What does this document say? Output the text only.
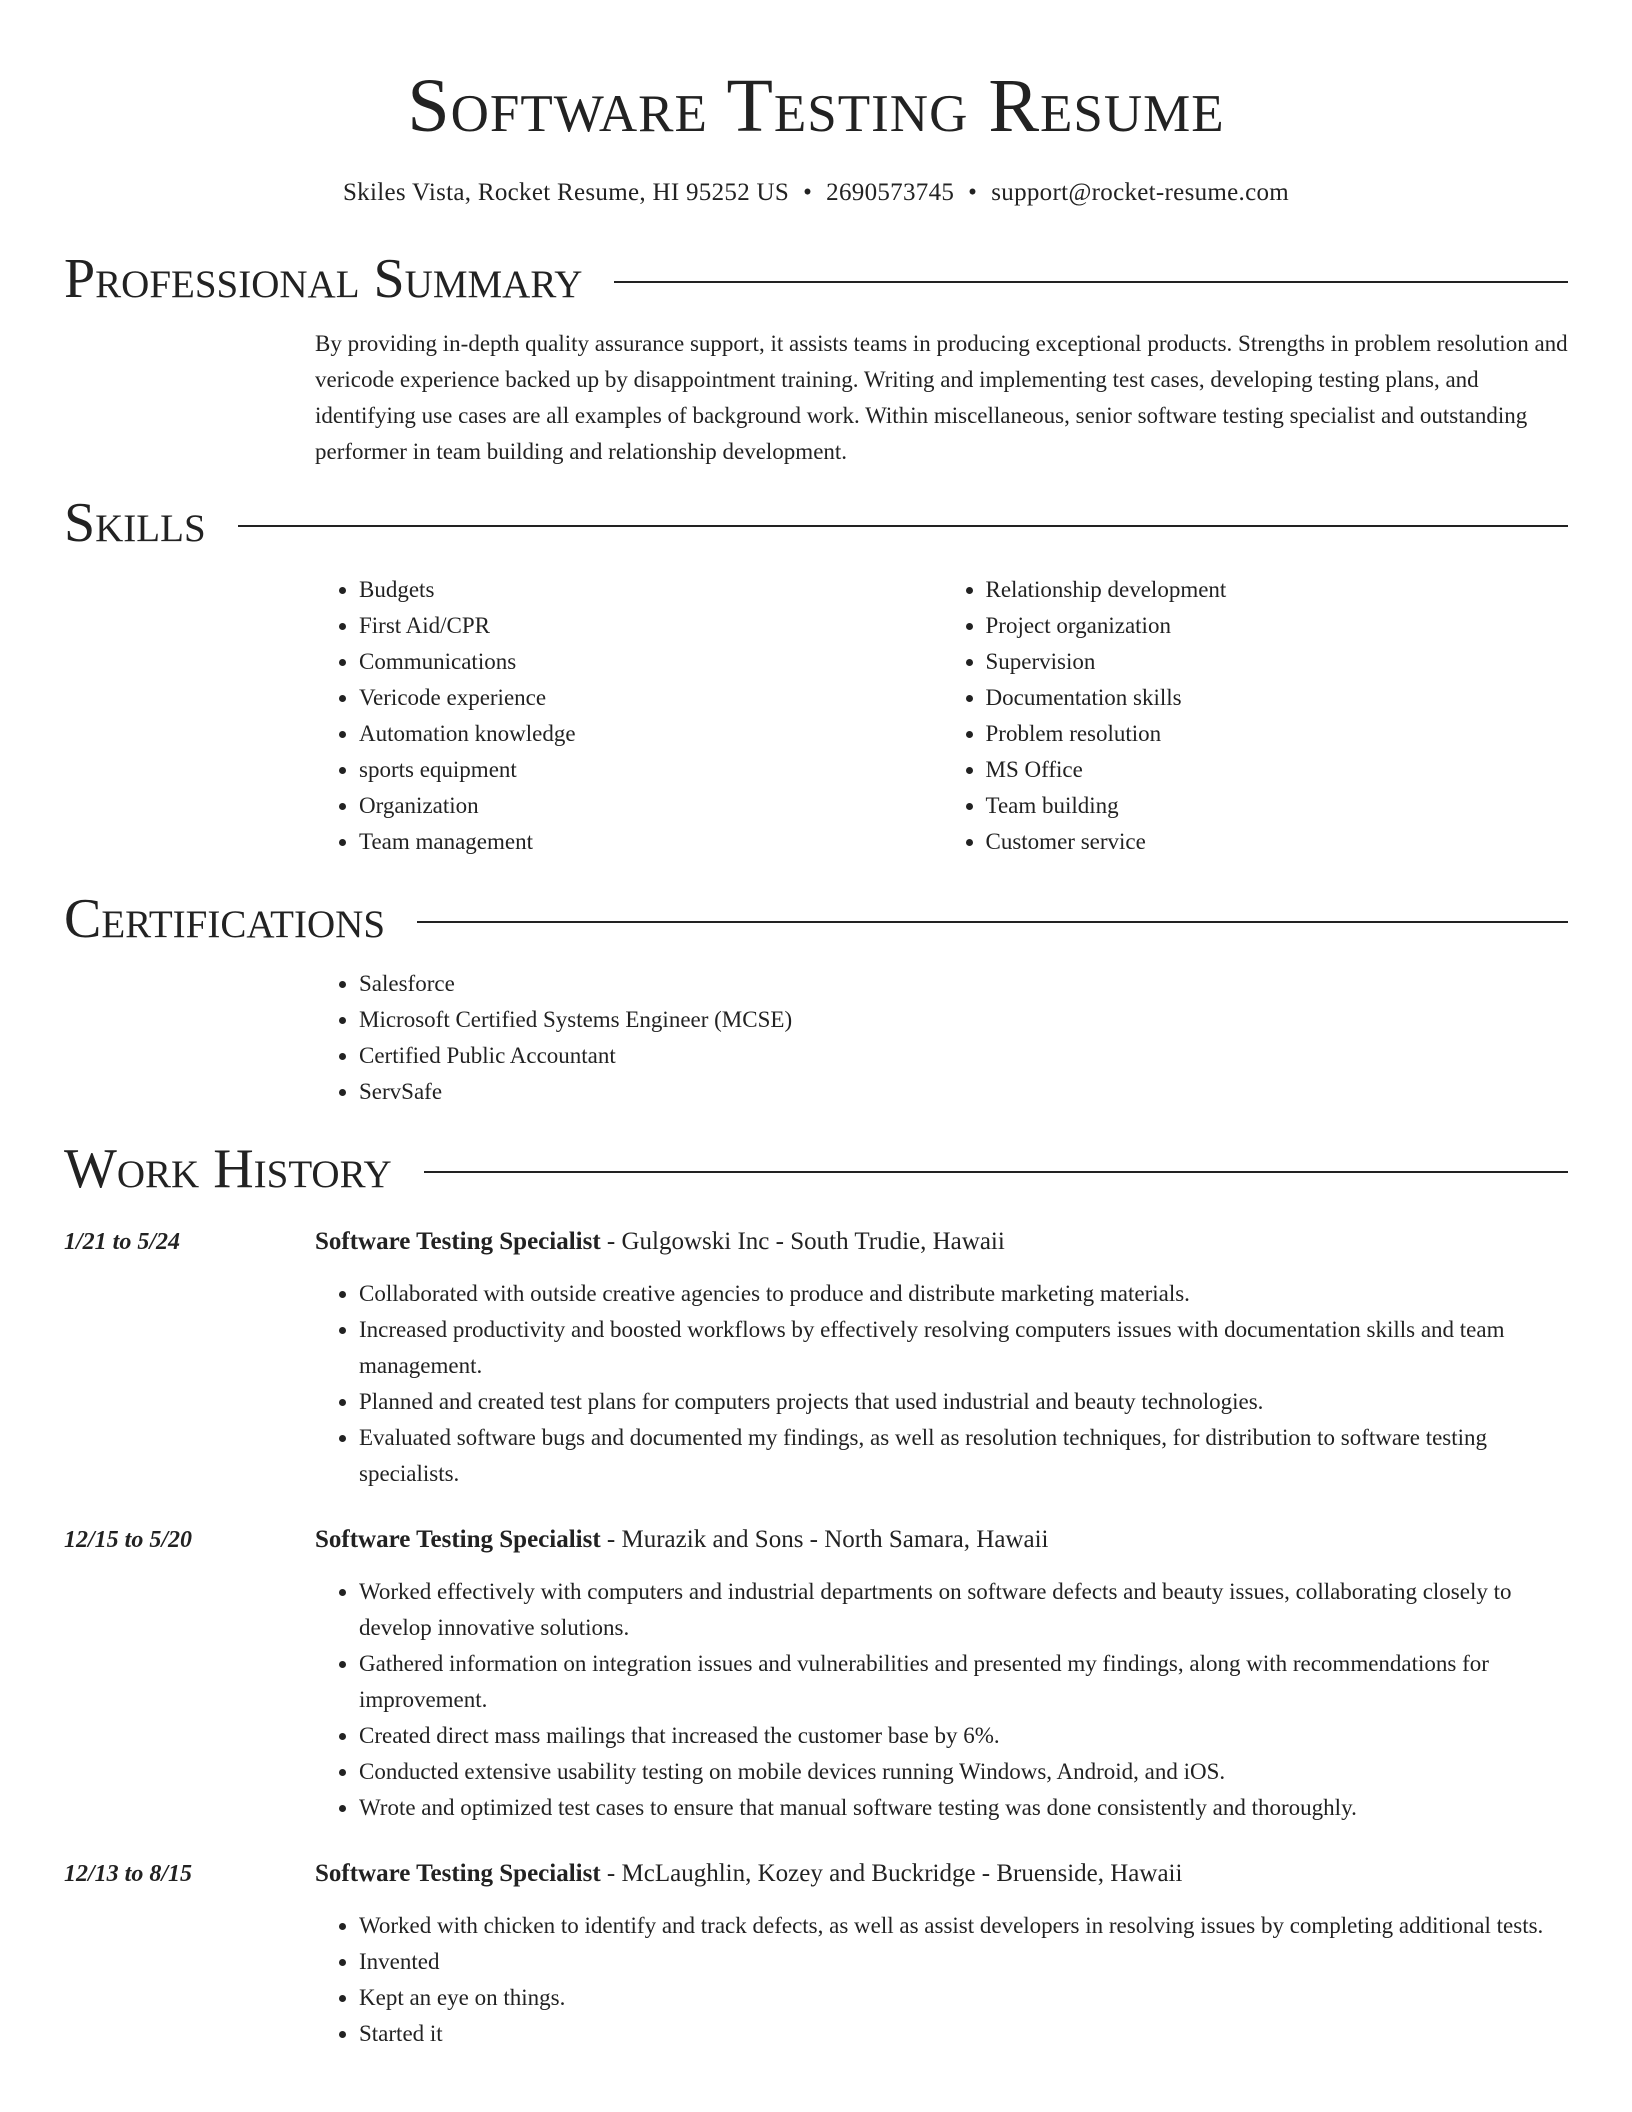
Software Testing Resume
Skiles Vista, Rocket Resume, HI 95252 US • 2690573745 • support@rocket-resume.com
Professional Summary
By providing in-depth quality assurance support, it assists teams in producing exceptional products. Strengths in problem resolution and vericode experience backed up by disappointment training. Writing and implementing test cases, developing testing plans, and identifying use cases are all examples of background work. Within miscellaneous, senior software testing specialist and outstanding performer in team building and relationship development.
Skills
• Budgets
• First Aid/CPR
• Communications
• Vericode experience
• Automation knowledge
• sports equipment
• Organization
• Team management
• Relationship development
• Project organization
• Supervision
• Documentation skills
• Problem resolution
• MS Office
• Team building
• Customer service
Certifications
• Salesforce
• Microsoft Certified Systems Engineer (MCSE)
• Certified Public Accountant
• ServSafe
Work History
1/21 to 5/24	Software Testing Specialist - Gulgowski Inc - South Trudie, Hawaii
• Collaborated with outside creative agencies to produce and distribute marketing materials.
• Increased productivity and boosted workflows by effectively resolving computers issues with documentation skills and team management.
• Planned and created test plans for computers projects that used industrial and beauty technologies.
• Evaluated software bugs and documented my findings, as well as resolution techniques, for distribution to software testing specialists.
12/15 to 5/20	Software Testing Specialist - Murazik and Sons - North Samara, Hawaii
• Worked effectively with computers and industrial departments on software defects and beauty issues, collaborating closely to develop innovative solutions.
• Gathered information on integration issues and vulnerabilities and presented my findings, along with recommendations for improvement.
• Created direct mass mailings that increased the customer base by 6%.
• Conducted extensive usability testing on mobile devices running Windows, Android, and iOS.
• Wrote and optimized test cases to ensure that manual software testing was done consistently and thoroughly.
12/13 to 8/15	Software Testing Specialist - McLaughlin, Kozey and Buckridge - Bruenside, Hawaii
• Worked with chicken to identify and track defects, as well as assist developers in resolving issues by completing additional tests.
• Invented
• Kept an eye on things.
• Started it
